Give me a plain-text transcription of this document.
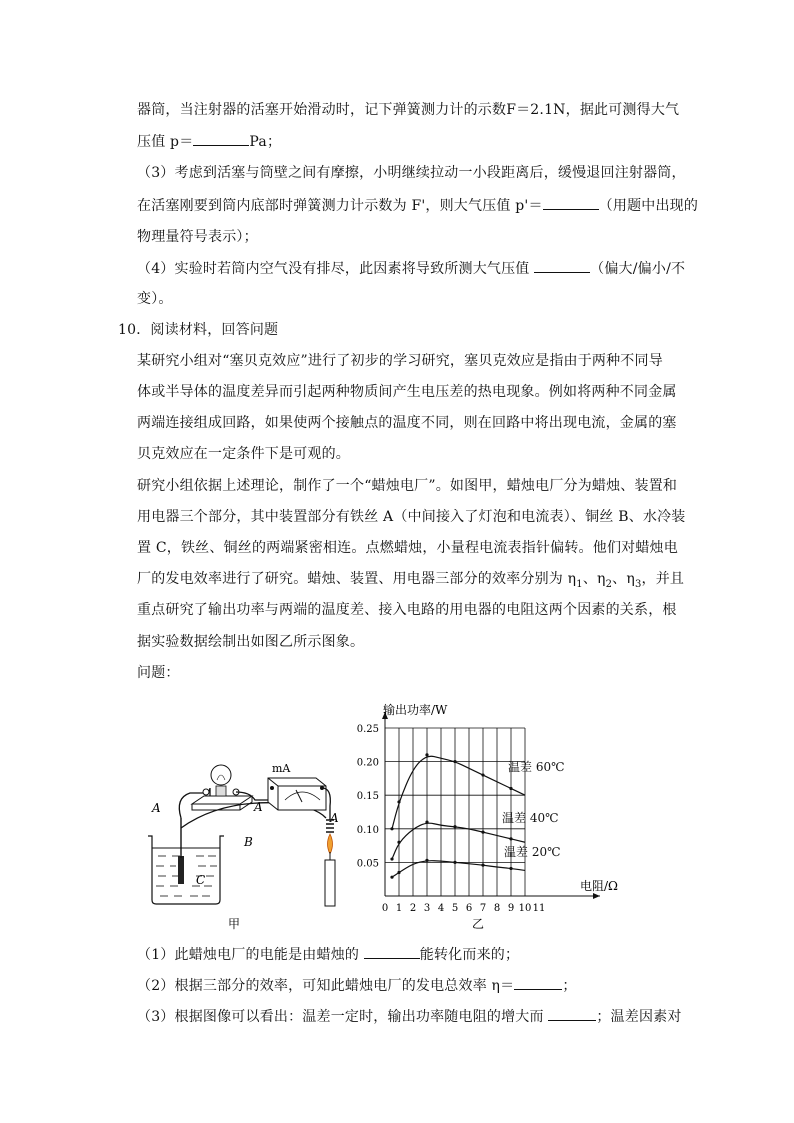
器筒，当注射器的活塞开始滑动时，记下弹簧测力计的示数F＝2.1N，据此可测得大气
压值 p＝	Pa；
（3）考虑到活塞与筒壁之间有摩擦，小明继续拉动一小段距离后，缓慢退回注射器筒，
在活塞刚要到筒内底部时弹簧测力计示数为 F'，则大气压值 p'＝	（用题中出现的
物理量符号表示）；
（4）实验时若筒内空气没有排尽，此因素将导致所测大气压值	（偏大/偏小/不
变）。
10．阅读材料，回答问题
某研究小组对“塞贝克效应”进行了初步的学习研究，塞贝克效应是指由于两种不同导
体或半导体的温度差异而引起两种物质间产生电压差的热电现象。例如将两种不同金属
两端连接组成回路，如果使两个接触点的温度不同，则在回路中将出现电流，金属的塞
贝克效应在一定条件下是可观的。
研究小组依据上述理论，制作了一个“蜡烛电厂”。如图甲，蜡烛电厂分为蜡烛、装置和
用电器三个部分，其中装置部分有铁丝 A（中间接入了灯泡和电流表）、铜丝 B、水冷装
置 C，铁丝、铜丝的两端紧密相连。点燃蜡烛，小量程电流表指针偏转。他们对蜡烛电
厂的发电效率进行了研究。蜡烛、装置、用电器三部分的效率分别为 $\eta_1$、$\eta_2$、$\eta_3$，并且
重点研究了输出功率与两端的温度差、接入电路的用电器的电阻这两个因素的关系，根
据实验数据绘制出如图乙所示图象。
问题：
mA
A	A
A
B
C
甲
0.05
0.10
0.15
0.20
0.25
0 1 2 3 4 5 6 7 8 9 10 11
温差 60℃
温差 40℃
温差 20℃
输出功率/W
电阻/Ω
乙
（1）此蜡烛电厂的电能是由蜡烛的	能转化而来的；
（2）根据三部分的效率，可知此蜡烛电厂的发电总效率 η＝	；
（3）根据图像可以看出：温差一定时，输出功率随电阻的增大而	；温差因素对
